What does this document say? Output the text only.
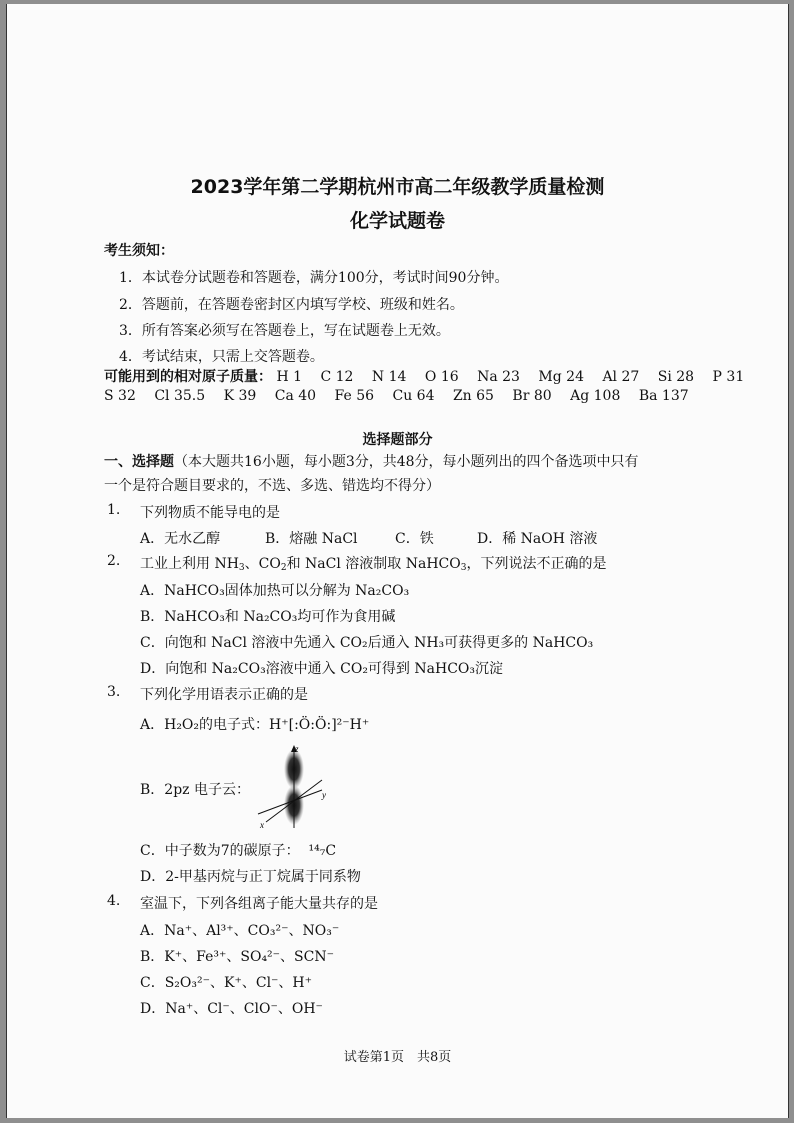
2023学年第二学期杭州市高二年级教学质量检测
化学试题卷
考生须知：
1．本试卷分试题卷和答题卷，满分100分，考试时间90分钟。
2．答题前，在答题卷密封区内填写学校、班级和姓名。
3．所有答案必须写在答题卷上，写在试题卷上无效。
4．考试结束，只需上交答题卷。
可能用到的相对原子质量： H 1 C 12 N 14 O 16 Na 23 Mg 24 Al 27 Si 28 P 31
S 32 Cl 35.5 K 39 Ca 40 Fe 56 Cu 64 Zn 65 Br 80 Ag 108 Ba 137
选择题部分
一、选择题（本大题共16小题，每小题3分，共48分，每小题列出的四个备选项中只有
一个是符合题目要求的，不选、多选、错选均不得分）
1. 下列物质不能导电的是
A．无水乙醇	B．熔融 NaCl	C．铁	D．稀 NaOH 溶液
2. 工业上利用 $NH_3$、$CO_2$和 NaCl 溶液制取 NaHCO$_3$，下列说法不正确的是
A．NaHCO₃固体加热可以分解为 Na₂CO₃
B．NaHCO₃和 Na₂CO₃均可作为食用碱
C．向饱和 NaCl 溶液中先通入 CO₂后通入 NH₃可获得更多的 NaHCO₃
D．向饱和 Na₂CO₃溶液中通入 CO₂可得到 NaHCO₃沉淀
3. 下列化学用语表示正确的是
A．H₂O₂的电子式：H⁺[:Ö:Ö:]²⁻H⁺
B．2pz 电子云：
z
y
x
C．中子数为7的碳原子： ¹⁴₇C
D．2-甲基丙烷与正丁烷属于同系物
4. 室温下，下列各组离子能大量共存的是
A．Na⁺、Al³⁺、CO₃²⁻、NO₃⁻
B．K⁺、Fe³⁺、SO₄²⁻、SCN⁻
C．S₂O₃²⁻、K⁺、Cl⁻、H⁺
D．Na⁺、Cl⁻、ClO⁻、OH⁻
试卷第1页　共8页
